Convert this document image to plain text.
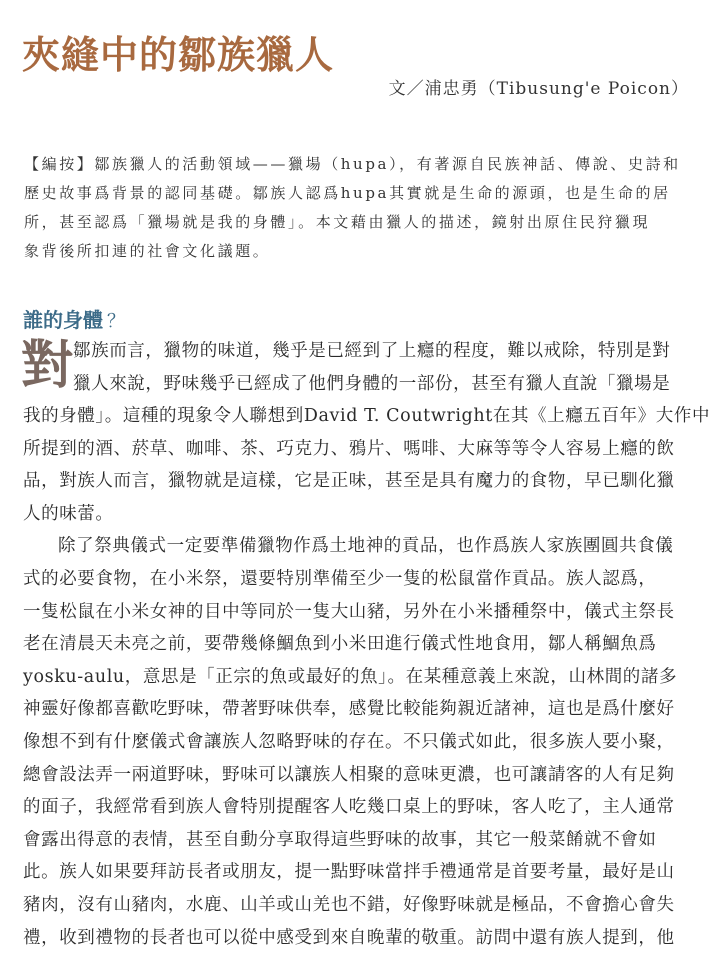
夾縫中的鄒族獵人
文／浦忠勇（Tibusung'e Poicon）
【編按】鄒族獵人的活動領域——獵場（hupa），有著源自民族神話、傳說、史詩和
歷史故事爲背景的認同基礎。鄒族人認爲hupa其實就是生命的源頭，也是生命的居
所，甚至認爲「獵場就是我的身體」。本文藉由獵人的描述，鏡射出原住民狩獵現
象背後所扣連的社會文化議題。
誰的身體 ？
對 鄒族而言，獵物的味道，幾乎是已經到了上癮的程度，難以戒除，特別是對
獵人來說，野味幾乎已經成了他們身體的一部份，甚至有獵人直說「獵場是
我的身體」。這種的現象令人聯想到David T. Coutwright在其《上癮五百年》大作中
所提到的酒、菸草、咖啡、茶、巧克力、鴉片、嗎啡、大麻等等令人容易上癮的飲
品，對族人而言，獵物就是這樣，它是正味，甚至是具有魔力的食物，早已馴化獵
人的味蕾。
除了祭典儀式一定要準備獵物作爲土地神的貢品，也作爲族人家族團圓共食儀
式的必要食物，在小米祭，還要特別準備至少一隻的松鼠當作貢品。族人認爲，
一隻松鼠在小米女神的目中等同於一隻大山豬，另外在小米播種祭中，儀式主祭長
老在清晨天未亮之前，要帶幾條鯝魚到小米田進行儀式性地食用，鄒人稱鯝魚爲
yosku-aulu，意思是「正宗的魚或最好的魚」。在某種意義上來說，山林間的諸多
神靈好像都喜歡吃野味，帶著野味供奉，感覺比較能夠親近諸神，這也是爲什麼好
像想不到有什麼儀式會讓族人忽略野味的存在。不只儀式如此，很多族人要小聚，
總會設法弄一兩道野味，野味可以讓族人相聚的意味更濃，也可讓請客的人有足夠
的面子，我經常看到族人會特別提醒客人吃幾口桌上的野味，客人吃了，主人通常
會露出得意的表情，甚至自動分享取得這些野味的故事，其它一般菜餚就不會如
此。族人如果要拜訪長者或朋友，提一點野味當拌手禮通常是首要考量，最好是山
豬肉，沒有山豬肉，水鹿、山羊或山羌也不錯，好像野味就是極品，不會擔心會失
禮，收到禮物的長者也可以從中感受到來自晚輩的敬重。訪問中還有族人提到，他
